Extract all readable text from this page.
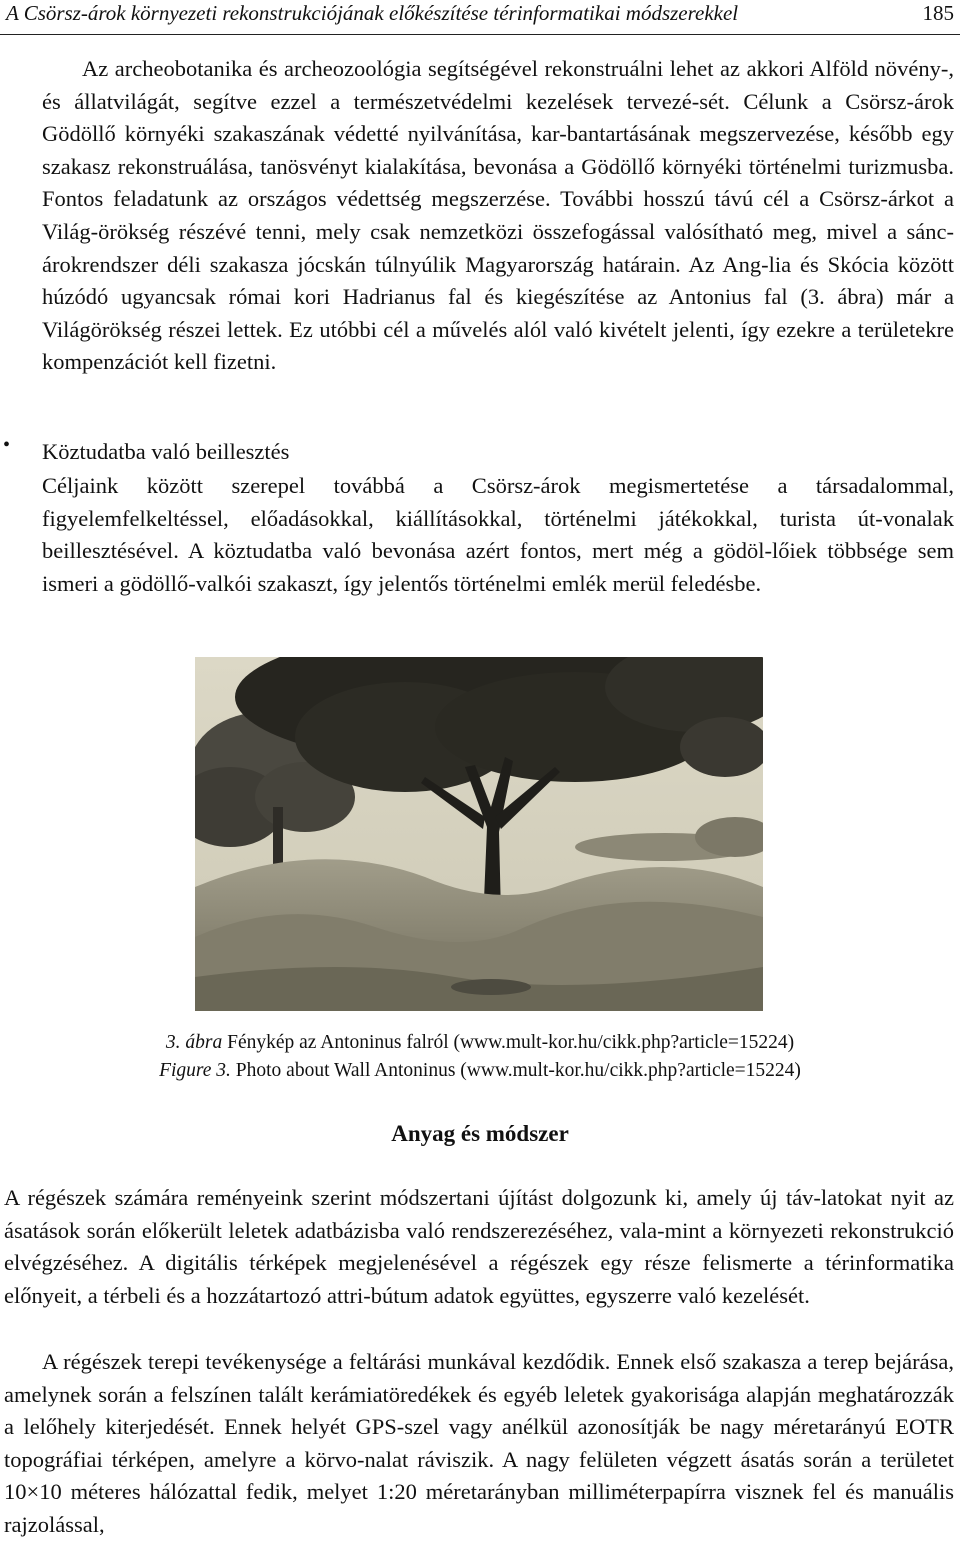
A Csörsz-árok környezeti rekonstrukciójának előkészítése térinformatikai módszerekkel	185

Az archeobotanika és archeozoológia segítségével rekonstruálni lehet az akkori Alföld növény-, és állatvilágát, segítve ezzel a természetvédelmi kezelések tervezé-sét. Célunk a Csörsz-árok Gödöllő környéki szakaszának védetté nyilvánítása, kar-bantartásának megszervezése, később egy szakasz rekonstruálása, tanösvényt kialakítása, bevonása a Gödöllő környéki történelmi turizmusba. Fontos feladatunk az országos védettség megszerzése. További hosszú távú cél a Csörsz-árkot a Világ-örökség részévé tenni, mely csak nemzetközi összefogással valósítható meg, mivel a sánc- árokrendszer déli szakasza jócskán túlnyúlik Magyarország határain. Az Ang-lia és Skócia között húzódó ugyancsak római kori Hadrianus fal és kiegészítése az Antonius fal (3. ábra) már a Világörökség részei lettek. Ez utóbbi cél a művelés alól való kivételt jelenti, így ezekre a területekre kompenzációt kell fizetni.

• Köztudatba való beillesztés

Céljaink között szerepel továbbá a Csörsz-árok megismertetése a társadalommal, figyelemfelkeltéssel, előadásokkal, kiállításokkal, történelmi játékokkal, turista út-vonalak beillesztésével. A köztudatba való bevonása azért fontos, mert még a gödöl-lőiek többsége sem ismeri a gödöllő-valkói szakaszt, így jelentős történelmi emlék merül feledésbe.

3. ábra Fénykép az Antoninus falról (www.mult-kor.hu/cikk.php?article=15224)
Figure 3. Photo about Wall Antoninus (www.mult-kor.hu/cikk.php?article=15224)
Anyag és módszer

A régészek számára reményeink szerint módszertani újítást dolgozunk ki, amely új táv-latokat nyit az ásatások során előkerült leletek adatbázisba való rendszerezéséhez, vala-mint a környezeti rekonstrukció elvégzéséhez. A digitális térképek megjelenésével a régészek egy része felismerte a térinformatika előnyeit, a térbeli és a hozzátartozó attri-bútum adatok együttes, egyszerre való kezelését.

A régészek terepi tevékenysége a feltárási munkával kezdődik. Ennek első szakasza a terep bejárása, amelynek során a felszínen talált kerámiatöredékek és egyéb leletek gyakorisága alapján meghatározzák a lelőhely kiterjedését. Ennek helyét GPS-szel vagy anélkül azonosítják be nagy méretarányú EOTR topográfiai térképen, amelyre a körvo-nalat ráviszik. A nagy felületen végzett ásatás során a területet 10×10 méteres hálózattal fedik, melyet 1:20 méretarányban milliméterpapírra visznek fel és manuális rajzolással,
